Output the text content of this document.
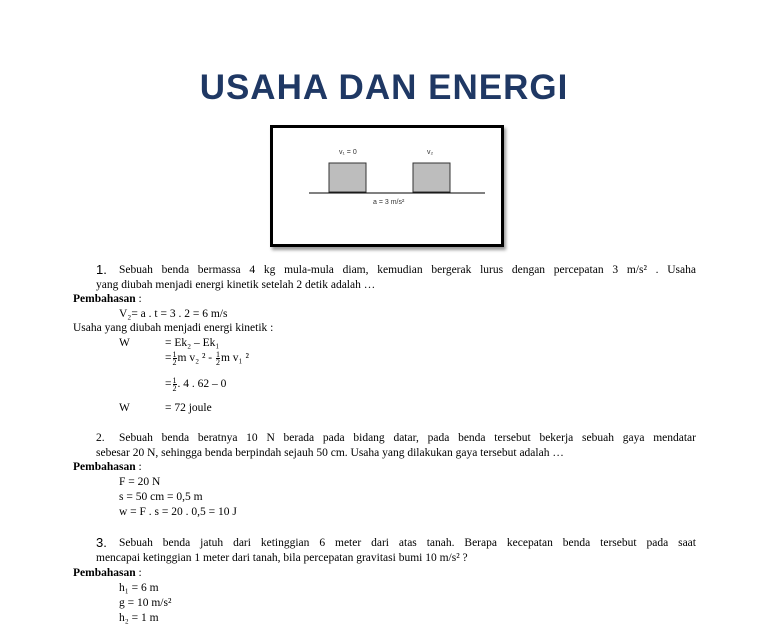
USAHA DAN ENERGI
v₁ = 0	v₂
a = 3 m/s²
1. Sebuah benda bermassa 4 kg mula-mula diam, kemudian bergerak lurus dengan percepatan 3 m/s² . Usaha
yang diubah menjadi energi kinetik setelah 2 detik adalah …
Pembahasan :
V₂= a . t = 3 . 2 = 6 m/s
Usaha yang diubah menjadi energi kinetik :
W	= Ek₂ – Ek₁
= $\frac{1}{2}$ m v₂ $^2 - \frac{1}{2}$ m v₁ ²
= $\frac{1}{2}$ . 4 . 62 – 0
W	= 72 joule
2. Sebuah benda beratnya 10 N berada pada bidang datar, pada benda tersebut bekerja sebuah gaya mendatar
sebesar 20 N, sehingga benda berpindah sejauh 50 cm. Usaha yang dilakukan gaya tersebut adalah …
Pembahasan :
F = 20 N
s = 50 cm = 0,5 m
w = F . s = 20 . 0,5 = 10 J
3. Sebuah benda jatuh dari ketinggian 6 meter dari atas tanah. Berapa kecepatan benda tersebut pada saat
mencapai ketinggian 1 meter dari tanah, bila percepatan gravitasi bumi 10 m/s² ?
Pembahasan :
h₁ = 6 m
g = 10 m/s²
h₂ = 1 m
